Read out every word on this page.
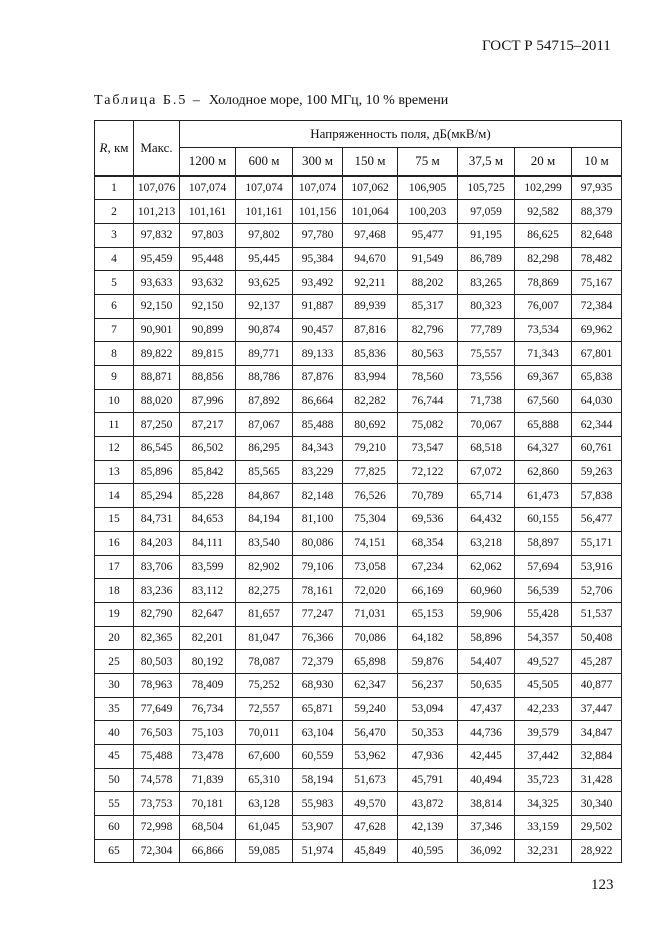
ГОСТ Р 54715–2011
Таблица Б.5 – Холодное море, 100 МГц, 10 % времени
R, км	Макс.	Напряженность поля, дБ(мкВ/м)							
		1200 м	600 м	300 м	150 м	75 м	37,5 м	20 м	10 м
1	107,076	107,074	107,074	107,074	107,062	106,905	105,725	102,299	97,935
2	101,213	101,161	101,161	101,156	101,064	100,203	97,059	92,582	88,379
3	97,832	97,803	97,802	97,780	97,468	95,477	91,195	86,625	82,648
4	95,459	95,448	95,445	95,384	94,670	91,549	86,789	82,298	78,482
5	93,633	93,632	93,625	93,492	92,211	88,202	83,265	78,869	75,167
6	92,150	92,150	92,137	91,887	89,939	85,317	80,323	76,007	72,384
7	90,901	90,899	90,874	90,457	87,816	82,796	77,789	73,534	69,962
8	89,822	89,815	89,771	89,133	85,836	80,563	75,557	71,343	67,801
9	88,871	88,856	88,786	87,876	83,994	78,560	73,556	69,367	65,838
10	88,020	87,996	87,892	86,664	82,282	76,744	71,738	67,560	64,030
11	87,250	87,217	87,067	85,488	80,692	75,082	70,067	65,888	62,344
12	86,545	86,502	86,295	84,343	79,210	73,547	68,518	64,327	60,761
13	85,896	85,842	85,565	83,229	77,825	72,122	67,072	62,860	59,263
14	85,294	85,228	84,867	82,148	76,526	70,789	65,714	61,473	57,838
15	84,731	84,653	84,194	81,100	75,304	69,536	64,432	60,155	56,477
16	84,203	84,111	83,540	80,086	74,151	68,354	63,218	58,897	55,171
17	83,706	83,599	82,902	79,106	73,058	67,234	62,062	57,694	53,916
18	83,236	83,112	82,275	78,161	72,020	66,169	60,960	56,539	52,706
19	82,790	82,647	81,657	77,247	71,031	65,153	59,906	55,428	51,537
20	82,365	82,201	81,047	76,366	70,086	64,182	58,896	54,357	50,408
25	80,503	80,192	78,087	72,379	65,898	59,876	54,407	49,527	45,287
30	78,963	78,409	75,252	68,930	62,347	56,237	50,635	45,505	40,877
35	77,649	76,734	72,557	65,871	59,240	53,094	47,437	42,233	37,447
40	76,503	75,103	70,011	63,104	56,470	50,353	44,736	39,579	34,847
45	75,488	73,478	67,600	60,559	53,962	47,936	42,445	37,442	32,884
50	74,578	71,839	65,310	58,194	51,673	45,791	40,494	35,723	31,428
55	73,753	70,181	63,128	55,983	49,570	43,872	38,814	34,325	30,340
60	72,998	68,504	61,045	53,907	47,628	42,139	37,346	33,159	29,502
65	72,304	66,866	59,085	51,974	45,849	40,595	36,092	32,231	28,922
123
